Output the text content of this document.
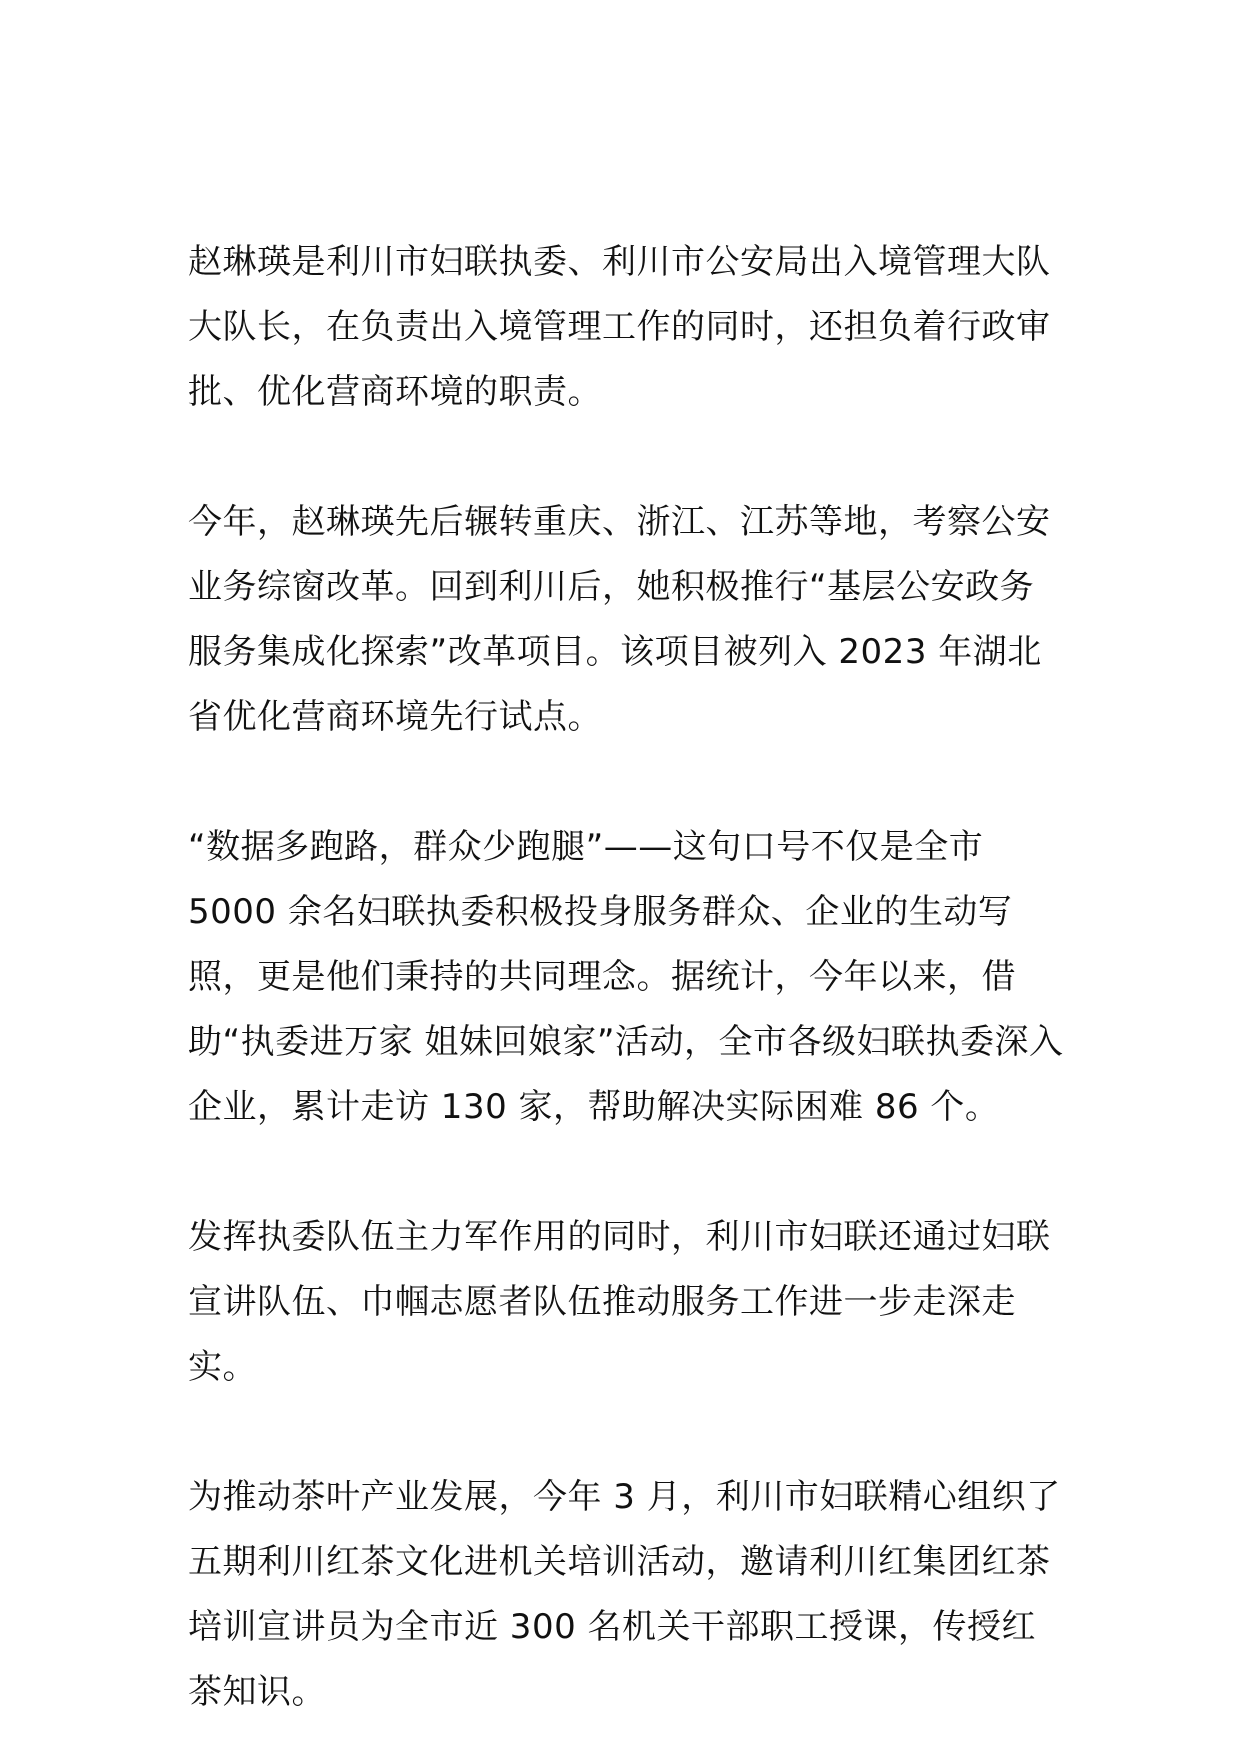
赵琳瑛是利川市妇联执委、利川市公安局出入境管理大队大队长，在负责出入境管理工作的同时，还担负着行政审批、优化营商环境的职责。

今年，赵琳瑛先后辗转重庆、浙江、江苏等地，考察公安业务综窗改革。回到利川后，她积极推行“基层公安政务服务集成化探索”改革项目。该项目被列入 2023 年湖北省优化营商环境先行试点。

“数据多跑路，群众少跑腿”——这句口号不仅是全市 5000 余名妇联执委积极投身服务群众、企业的生动写照，更是他们秉持的共同理念。据统计，今年以来，借助“执委进万家 姐妹回娘家”活动，全市各级妇联执委深入企业，累计走访 130 家，帮助解决实际困难 86 个。

发挥执委队伍主力军作用的同时，利川市妇联还通过妇联宣讲队伍、巾帼志愿者队伍推动服务工作进一步走深走实。

为推动茶叶产业发展，今年 3 月，利川市妇联精心组织了五期利川红茶文化进机关培训活动，邀请利川红集团红茶培训宣讲员为全市近 300 名机关干部职工授课，传授红茶知识。
